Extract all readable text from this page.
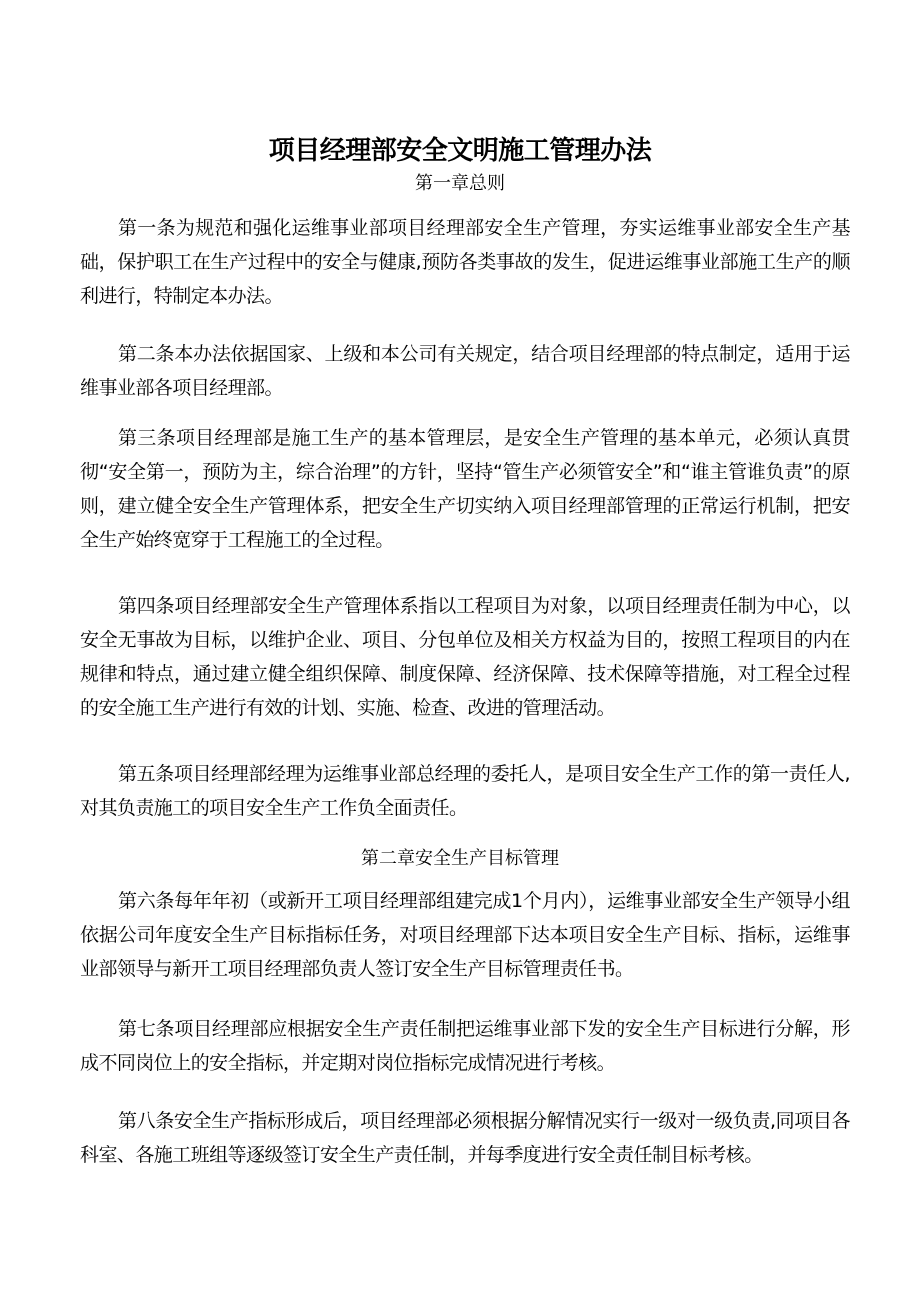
项目经理部安全文明施工管理办法
第一章总则

第一条为规范和强化运维事业部项目经理部安全生产管理，夯实运维事业部安全生产基础，保护职工在生产过程中的安全与健康,预防各类事故的发生，促进运维事业部施工生产的顺利进行，特制定本办法。

第二条本办法依据国家、上级和本公司有关规定，结合项目经理部的特点制定，适用于运维事业部各项目经理部。

第三条项目经理部是施工生产的基本管理层，是安全生产管理的基本单元，必须认真贯彻“安全第一，预防为主，综合治理”的方针，坚持“管生产必须管安全”和“谁主管谁负责”的原则，建立健全安全生产管理体系，把安全生产切实纳入项目经理部管理的正常运行机制，把安全生产始终宽穿于工程施工的全过程。

第四条项目经理部安全生产管理体系指以工程项目为对象，以项目经理责任制为中心，以安全无事故为目标，以维护企业、项目、分包单位及相关方权益为目的，按照工程项目的内在规律和特点，通过建立健全组织保障、制度保障、经济保障、技术保障等措施，对工程全过程的安全施工生产进行有效的计划、实施、检查、改进的管理活动。

第五条项目经理部经理为运维事业部总经理的委托人，是项目安全生产工作的第一责任人,对其负责施工的项目安全生产工作负全面责任。

第二章安全生产目标管理

第六条每年年初（或新开工项目经理部组建完成1个月内），运维事业部安全生产领导小组依据公司年度安全生产目标指标任务，对项目经理部下达本项目安全生产目标、指标，运维事业部领导与新开工项目经理部负责人签订安全生产目标管理责任书。

第七条项目经理部应根据安全生产责任制把运维事业部下发的安全生产目标进行分解，形成不同岗位上的安全指标，并定期对岗位指标完成情况进行考核。

第八条安全生产指标形成后，项目经理部必须根据分解情况实行一级对一级负责,同项目各科室、各施工班组等逐级签订安全生产责任制，并每季度进行安全责任制目标考核。
